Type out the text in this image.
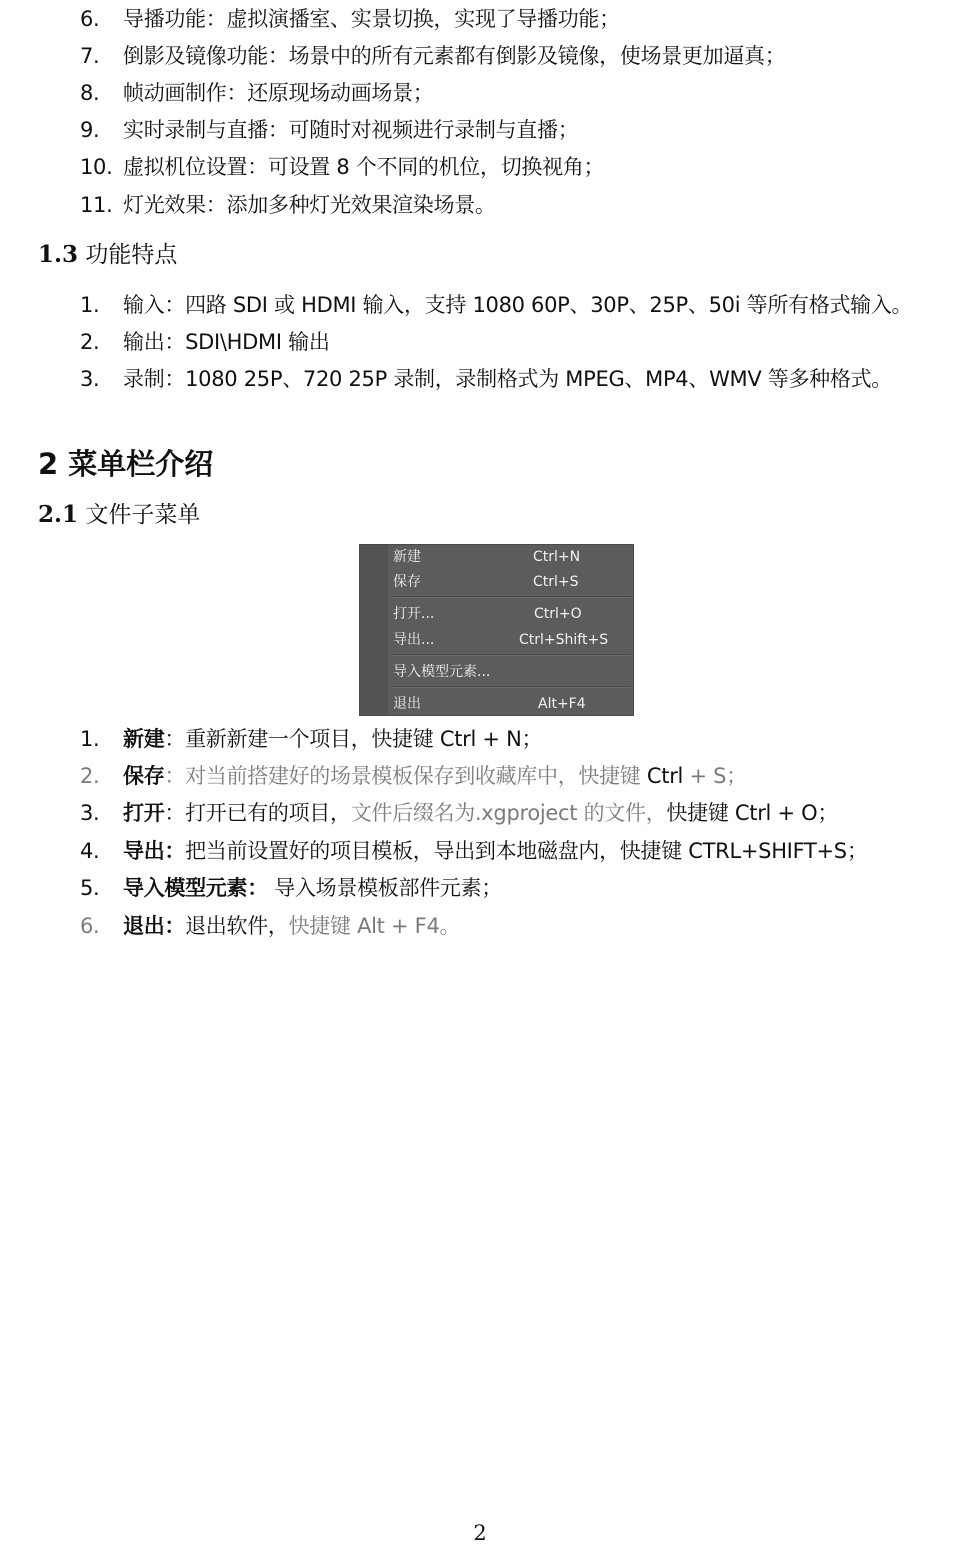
6.	导播功能：虚拟演播室、实景切换，实现了导播功能；
7.	倒影及镜像功能：场景中的所有元素都有倒影及镜像，使场景更加逼真；
8.	帧动画制作：还原现场动画场景；
9.	实时录制与直播：可随时对视频进行录制与直播；
10. 虚拟机位设置：可设置 8 个不同的机位，切换视角；
11. 灯光效果：添加多种灯光效果渲染场景。
1.3 功能特点
1.	输入：四路 SDI 或 HDMI 输入，支持 1080 60P、30P、25P、50i 等所有格式输入。
2.	输出：SDI\HDMI 输出
3.	录制：1080 25P、720 25P 录制，录制格式为 MPEG、MP4、WMV 等多种格式。
2 菜单栏介绍
2.1 文件子菜单
新建	Ctrl+N
保存	Ctrl+S
打开...	Ctrl+O
导出...	Ctrl+Shift+S
导入模型元素...
退出	Alt+F4
1.	新建：重新新建一个项目，快捷键 Ctrl + N；
2.	保存：对当前搭建好的场景模板保存到收藏库中，快捷键 Ctrl + S；
3.	打开：打开已有的项目，文件后缀名为.xgproject 的文件，快捷键 Ctrl + O；
4.	导出：把当前设置好的项目模板，导出到本地磁盘内，快捷键 CTRL+SHIFT+S；
5.	导入模型元素： 导入场景模板部件元素；
6.	退出：退出软件，快捷键 Alt + F4。
2
